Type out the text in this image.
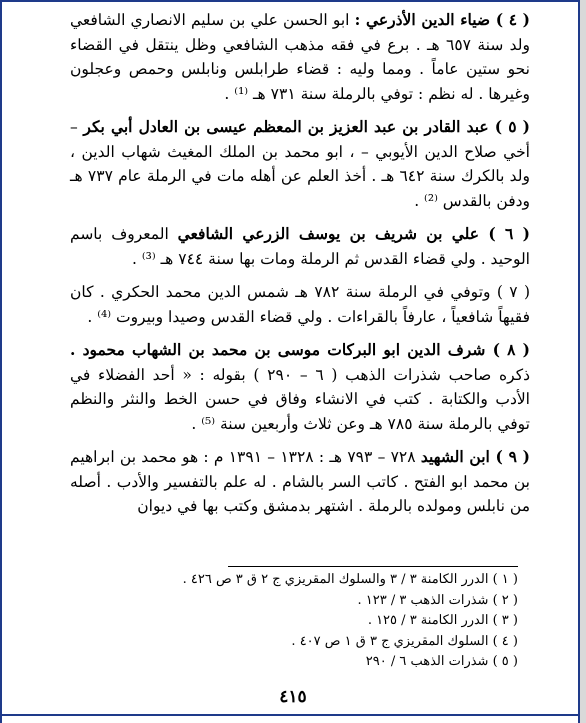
( ٤ ) ضياء الدين الأذرعي : ابو الحسن علي بن سليم الانصاري الشافعي ولد سنة ٦٥٧ هـ . برع في فقه مذهب الشافعي وظل ينتقل في القضاء نحو ستين عاماً . ومما وليه : قضاء طرابلس ونابلس وحمص وعجلون وغيرها . له نظم : توفي بالرملة سنة ٧٣١ هـ ⁽¹⁾ .

( ٥ ) عبد القادر بن عبد العزيز بن المعظم عيسى بن العادل أبي بكر – أخي صلاح الدين الأيوبي – ، ابو محمد بن الملك المغيث شهاب الدين ، ولد بالكرك سنة ٦٤٢ هـ . أخذ العلم عن أهله مات في الرملة عام ٧٣٧ هـ ودفن بالقدس ⁽²⁾ .

( ٦ ) علي بن شريف بن يوسف الزرعي الشافعي المعروف باسم الوحيد . ولي قضاء القدس ثم الرملة ومات بها سنة ٧٤٤ هـ ⁽³⁾ .

( ٧ ) وتوفي في الرملة سنة ٧٨٢ هـ شمس الدين محمد الحكري . كان فقيهاً شافعياً ، عارفاً بالقراءات . ولي قضاء القدس وصيدا وبيروت ⁽⁴⁾ .

( ٨ ) شرف الدين ابو البركات موسى بن محمد بن الشهاب محمود . ذكره صاحب شذرات الذهب ( ٦ – ٢٩٠ ) بقوله : « أحد الفضلاء في الأدب والكتابة . كتب في الانشاء وفاق في حسن الخط والنثر والنظم توفي بالرملة سنة ٧٨٥ هـ وعن ثلاث وأربعين سنة ⁽⁵⁾ .

( ٩ ) ابن الشهيد ٧٢٨ – ٧٩٣ هـ : ١٣٢٨ – ١٣٩١ م : هو محمد بن ابراهيم بن محمد ابو الفتح . كاتب السر بالشام . له علم بالتفسير والأدب . أصله من نابلس ومولده بالرملة . اشتهر بدمشق وكتب بها في ديوان

( ١ ) الدرر الكامنة ٣ / ٣ والسلوك المقريزي ج ٢ ق ٣ ص ٤٢٦ .
( ٢ ) شذرات الذهب ٣ / ١٢٣ .
( ٣ ) الدرر الكامنة ٣ / ١٢٥ .
( ٤ ) السلوك المقريزي ج ٣ ق ١ ص ٤٠٧ .
( ٥ ) شذرات الذهب ٦ / ٢٩٠
٤١٥
